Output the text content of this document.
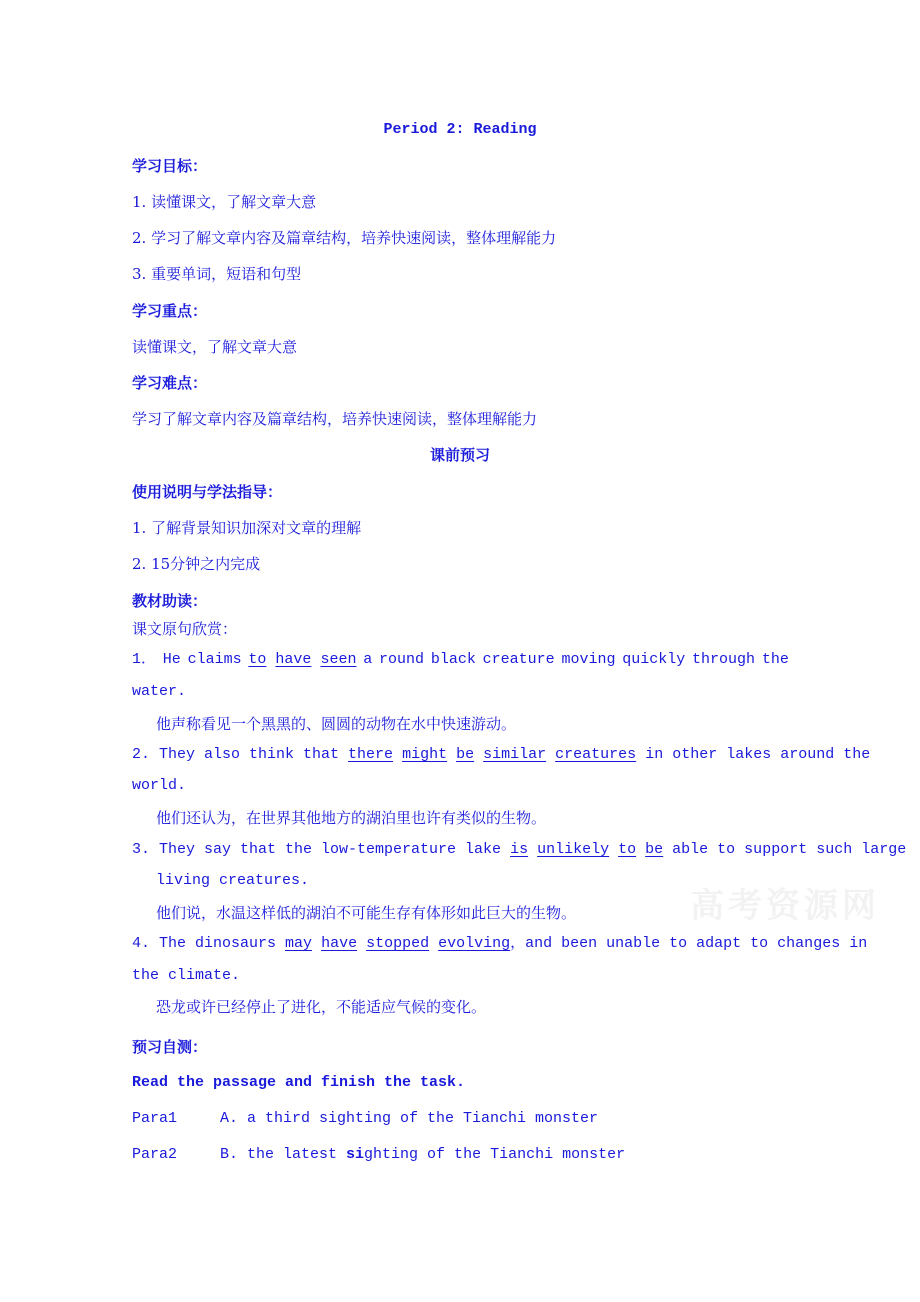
高考资源网
Period 2: Reading
学习目标：
1. 读懂课文，了解文章大意
2. 学习了解文章内容及篇章结构，培养快速阅读，整体理解能力
3. 重要单词，短语和句型
学习重点：
读懂课文，了解文章大意
学习难点：
学习了解文章内容及篇章结构，培养快速阅读，整体理解能力
课前预习
使用说明与学法指导：
1. 了解背景知识加深对文章的理解
2. 15分钟之内完成
教材助读：
课文原句欣赏：
1． He claims to have seen a round black creature moving quickly through the
water.
他声称看见一个黑黑的、圆圆的动物在水中快速游动。
2. They also think that there might be similar creatures in other lakes around the
world.
他们还认为，在世界其他地方的湖泊里也许有类似的生物。
3. They say that the low-temperature lake is unlikely to be able to support such large
living creatures.
他们说，水温这样低的湖泊不可能生存有体形如此巨大的生物。
4. The dinosaurs may have stopped evolving，and been unable to adapt to changes in
the climate.
恐龙或许已经停止了进化，不能适应气候的变化。
预习自测：
Read the passage and finish the task.
Para1	A. a third sighting of the Tianchi monster
Para2	B. the latest sighting of the Tianchi monster
